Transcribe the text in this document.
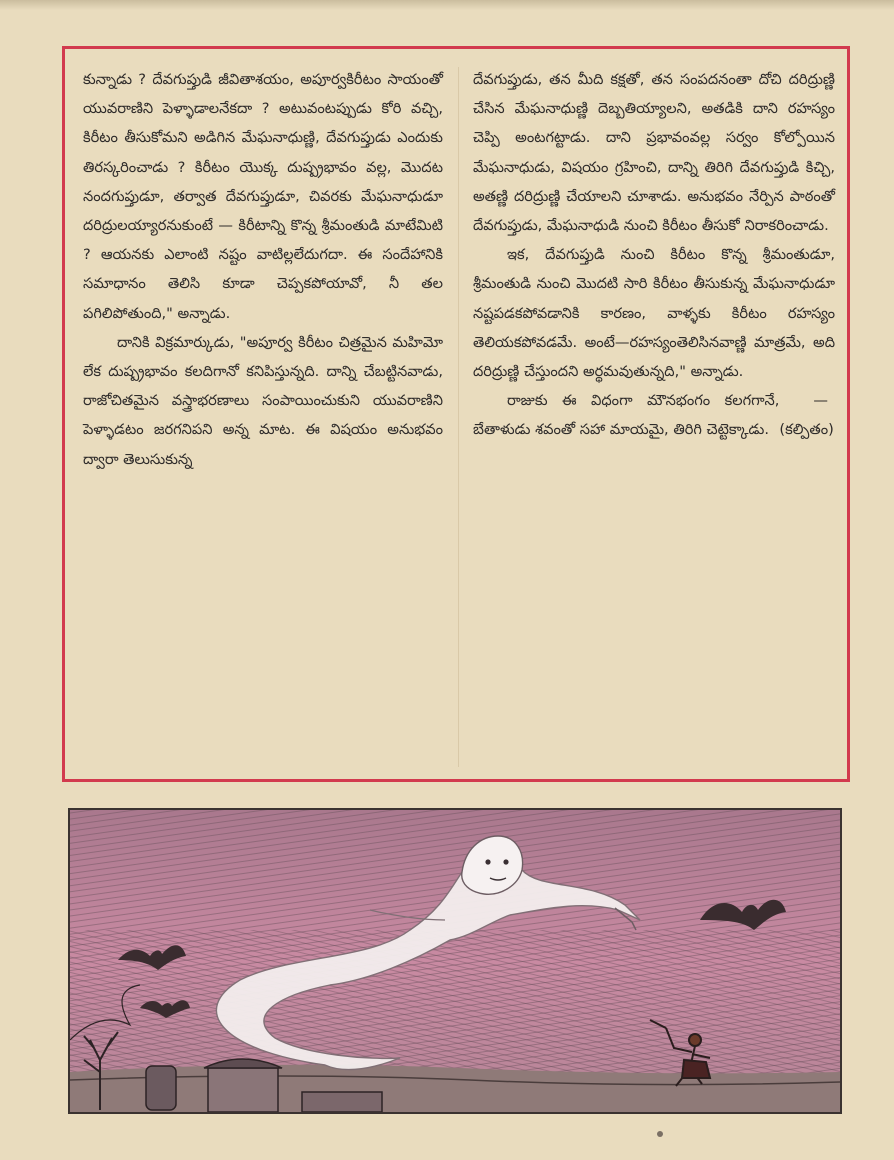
కున్నాడు ? దేవగుప్తుడి జీవితాశయం, అపూర్వకిరీటం సాయంతో యువరాణిని పెళ్ళాడాలనేకదా ? అటువంటప్పుడు కోరి వచ్చి, కిరీటం తీసుకోమని అడిగిన మేఘనాధుణ్ణి, దేవగుప్తుడు ఎందుకు తిరస్కరించాడు ? కిరీటం యొక్క దుష్ప్రభావం వల్ల, మొదట నందగుప్తుడూ, తర్వాత దేవగుప్తుడూ, చివరకు మేఘనాధుడూ దరిద్రులయ్యారనుకుంటే — కిరీటాన్ని కొన్న శ్రీమంతుడి మాటేమిటి ? ఆయనకు ఎలాంటి నష్టం వాటిల్లలేదుగదా. ఈ సందేహానికి సమాధానం తెలిసి కూడా చెప్పకపోయావో, నీ తల పగిలిపోతుంది," అన్నాడు.

దానికి విక్రమార్కుడు, "అపూర్వ కిరీటం చిత్రమైన మహిమో లేక దుష్ప్రభావం కలదిగానో కనిపిస్తున్నది. దాన్ని చేబట్టినవాడు, రాజోచితమైన వస్త్రాభరణాలు సంపాయించుకుని యువరాణిని పెళ్ళాడటం జరగనిపని అన్న మాట. ఈ విషయం అనుభవం ద్వారా తెలుసుకున్న

దేవగుప్తుడు, తన మీది కక్షతో, తన సంపదనంతా దోచి దరిద్రుణ్ణి చేసిన మేఘనాధుణ్ణి దెబ్బతియ్యాలని, అతడికి దాని రహస్యం చెప్పి అంటగట్టాడు. దాని ప్రభావంవల్ల సర్వం కోల్పోయిన మేఘనాధుడు, విషయం గ్రహించి, దాన్ని తిరిగి దేవగుప్తుడి కిచ్చి, అతణ్ణి దరిద్రుణ్ణి చేయాలని చూశాడు. అనుభవం నేర్పిన పాఠంతో దేవగుప్తుడు, మేఘనాధుడి నుంచి కిరీటం తీసుకో నిరాకరించాడు.

ఇక, దేవగుప్తుడి నుంచి కిరీటం కొన్న శ్రీమంతుడూ, శ్రీమంతుడి నుంచి మొదటి సారి కిరీటం తీసుకున్న మేఘనాధుడూ నష్టపడకపోవడానికి కారణం, వాళ్ళకు కిరీటం రహస్యం తెలియకపోవడమే. అంటే—రహస్యంతెలిసినవాణ్ణి మాత్రమే, అది దరిద్రుణ్ణి చేస్తుందని అర్థమవుతున్నది," అన్నాడు.

రాజుకు ఈ విధంగా మౌనభంగం కలగగానే, బేతాళుడు శవంతో సహా మాయమై, తిరిగి చెట్టెక్కాడు.
—(కల్పితం)
